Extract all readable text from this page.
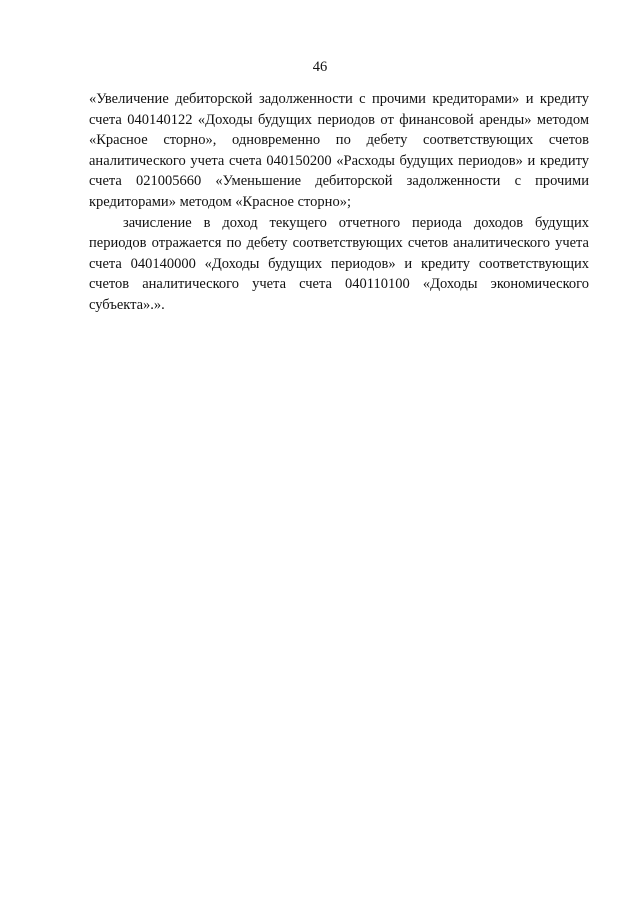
46

«Увеличение дебиторской задолженности с прочими кредиторами» и кредиту счета 040140122 «Доходы будущих периодов от финансовой аренды» методом «Красное сторно», одновременно по дебету соответствующих счетов аналитического учета счета 040150200 «Расходы будущих периодов» и кредиту счета 021005660 «Уменьшение дебиторской задолженности с прочими кредиторами» методом «Красное сторно»;

зачисление в доход текущего отчетного периода доходов будущих периодов отражается по дебету соответствующих счетов аналитического учета счета 040140000 «Доходы будущих периодов» и кредиту соответствующих счетов аналитического учета счета 040110100 «Доходы экономического субъекта».».
